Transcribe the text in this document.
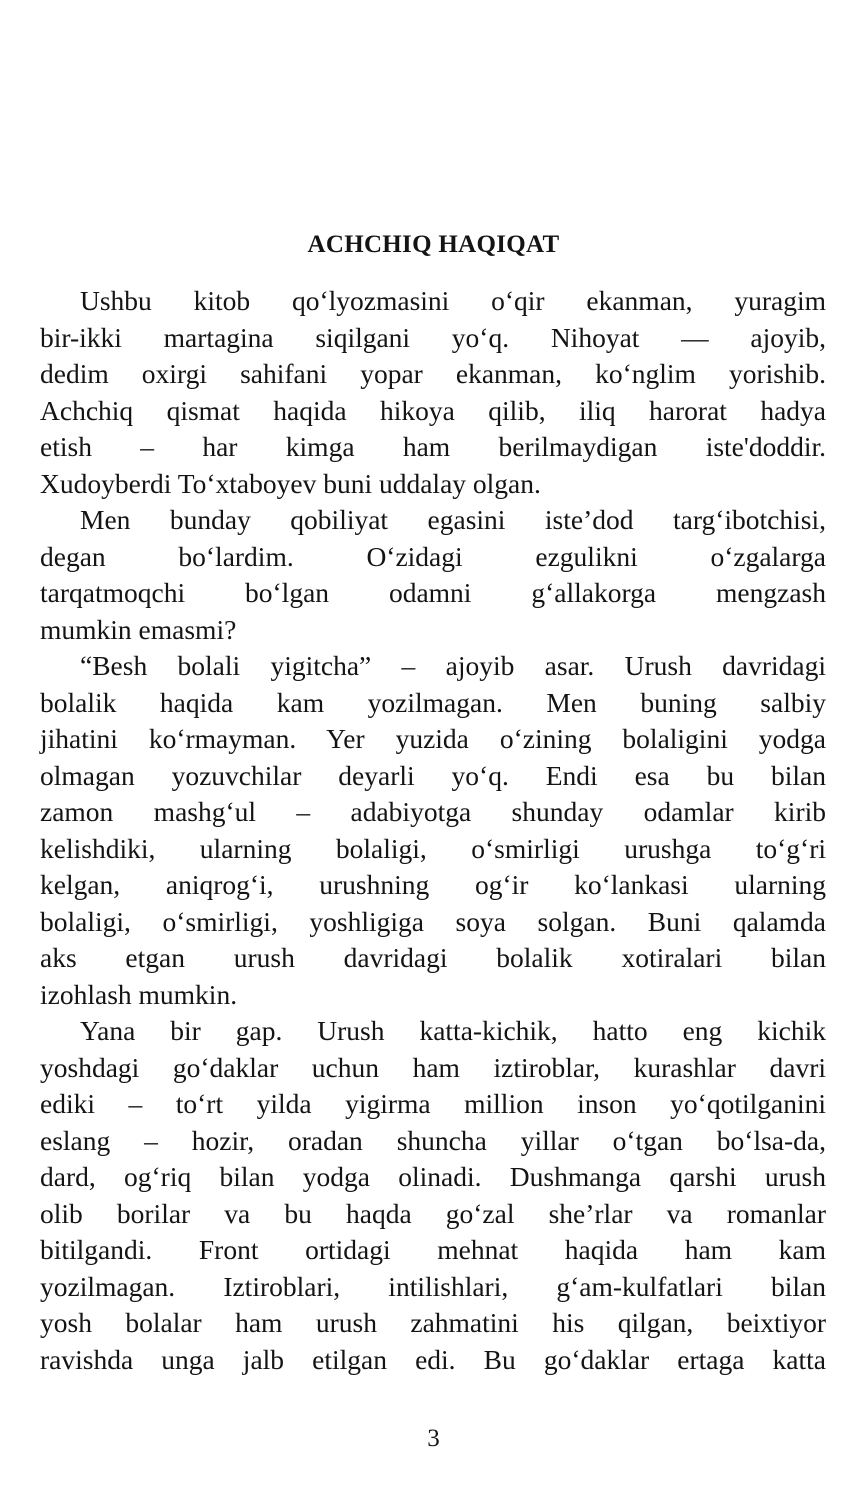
ACHCHIQ HAQIQAT
Ushbu kitob qo‘lyozmasini o‘qir ekanman, yuragim
bir-ikki martagina siqilgani yo‘q. Nihoyat — ajoyib,
dedim oxirgi sahifani yopar ekanman, ko‘nglim yorishib.
Achchiq qismat haqida hikoya qilib, iliq harorat hadya
etish – har kimga ham berilmaydigan iste'doddir.
Xudoyberdi To‘xtaboyev buni uddalay olgan.
Men bunday qobiliyat egasini iste’dod targ‘ibotchisi,
degan bo‘lardim. O‘zidagi ezgulikni o‘zgalarga
tarqatmoqchi bo‘lgan odamni g‘allakorga mengzash
mumkin emasmi?
“Besh bolali yigitcha” – ajoyib asar. Urush davridagi
bolalik haqida kam yozilmagan. Men buning salbiy
jihatini ko‘rmayman. Yer yuzida o‘zining bolaligini yodga
olmagan yozuvchilar deyarli yo‘q. Endi esa bu bilan
zamon mashg‘ul – adabiyotga shunday odamlar kirib
kelishdiki, ularning bolaligi, o‘smirligi urushga to‘g‘ri
kelgan, aniqrog‘i, urushning og‘ir ko‘lankasi ularning
bolaligi, o‘smirligi, yoshligiga soya solgan. Buni qalamda
aks etgan urush davridagi bolalik xotiralari bilan
izohlash mumkin.
Yana bir gap. Urush katta-kichik, hatto eng kichik
yoshdagi go‘daklar uchun ham iztiroblar, kurashlar davri
ediki – to‘rt yilda yigirma million inson yo‘qotilganini
eslang – hozir, oradan shuncha yillar o‘tgan bo‘lsa-da,
dard, og‘riq bilan yodga olinadi. Dushmanga qarshi urush
olib borilar va bu haqda go‘zal she’rlar va romanlar
bitilgandi. Front ortidagi mehnat haqida ham kam
yozilmagan. Iztiroblari, intilishlari, g‘am-kulfatlari bilan
yosh bolalar ham urush zahmatini his qilgan, beixtiyor
ravishda unga jalb etilgan edi. Bu go‘daklar ertaga katta
3
